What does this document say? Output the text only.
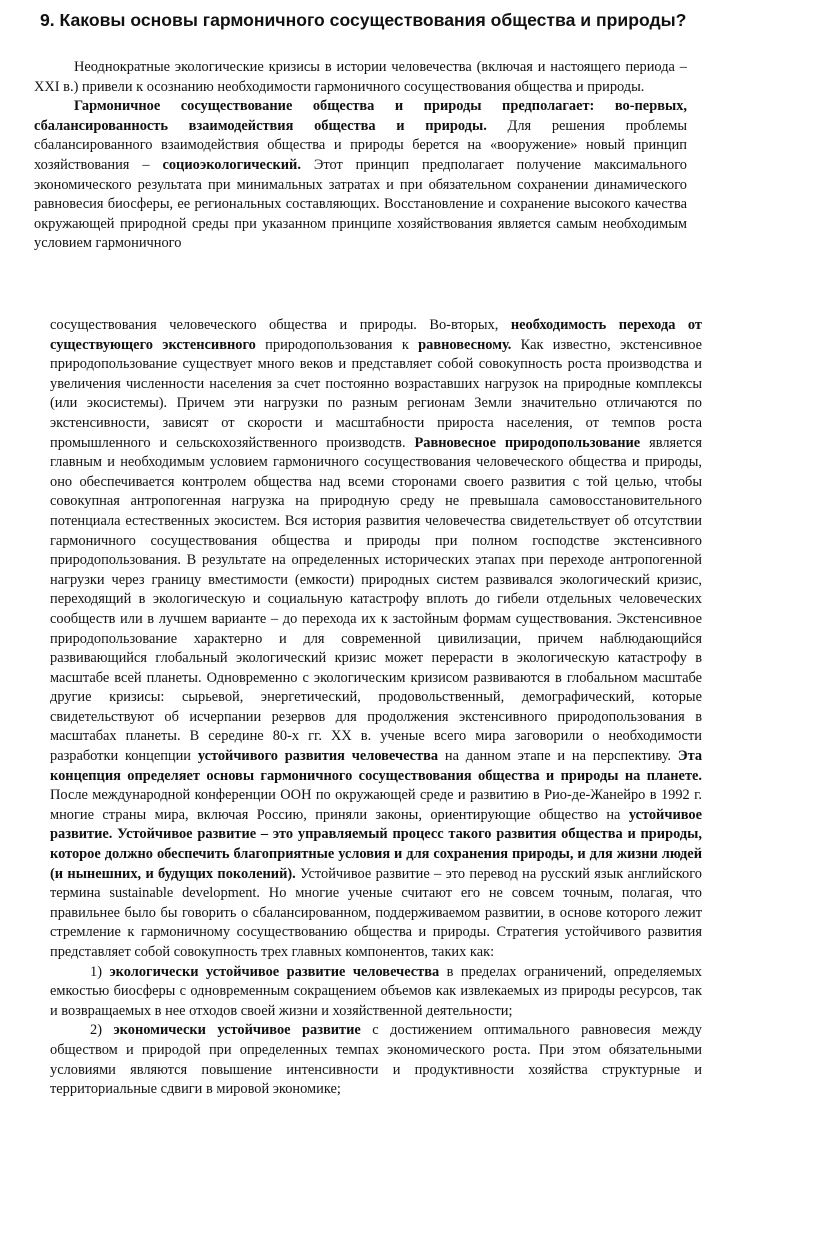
9. Каковы основы гармоничного сосуществования общества и природы?

Неоднократные экологические кризисы в истории человечества (включая и настоящего периода – XXI в.) привели к осознанию необходимости гармоничного сосуществования общества и природы.

Гармоничное сосуществование общества и природы предполагает: во-первых, сбалансированность взаимодействия общества и природы. Для решения проблемы сбалансированного взаимодействия общества и природы берется на «вооружение» новый принцип хозяйствования – социоэкологический. Этот принцип предполагает получение максимального экономического результата при минимальных затратах и при обязательном сохранении динамического равновесия биосферы, ее региональных составляющих. Восстановление и сохранение высокого качества окружающей природной среды при указанном принципе хозяйствования является самым необходимым условием гармоничного

сосуществования человеческого общества и природы. Во-вторых, необходимость перехода от существующего экстенсивного природопользования к равновесному. Как известно, экстенсивное природопользование существует много веков и представляет собой совокупность роста производства и увеличения численности населения за счет постоянно возраставших нагрузок на природные комплексы (или экосистемы). Причем эти нагрузки по разным регионам Земли значительно отличаются по экстенсивности, зависят от скорости и масштабности прироста населения, от темпов роста промышленного и сельскохозяйственного производств. Равновесное природопользование является главным и необходимым условием гармоничного сосуществования человеческого общества и природы, оно обеспечивается контролем общества над всеми сторонами своего развития с той целью, чтобы совокупная антропогенная нагрузка на природную среду не превышала самовосстановительного потенциала естественных экосистем. Вся история развития человечества свидетельствует об отсутствии гармоничного сосуществования общества и природы при полном господстве экстенсивного природопользования. В результате на определенных исторических этапах при переходе антропогенной нагрузки через границу вместимости (емкости) природных систем развивался экологический кризис, переходящий в экологическую и социальную катастрофу вплоть до гибели отдельных человеческих сообществ или в лучшем варианте – до перехода их к застойным формам существования. Экстенсивное природопользование характерно и для современной цивилизации, причем наблюдающийся развивающийся глобальный экологический кризис может перерасти в экологическую катастрофу в масштабе всей планеты. Одновременно с экологическим кризисом развиваются в глобальном масштабе другие кризисы: сырьевой, энергетический, продовольственный, демографический, которые свидетельствуют об исчерпании резервов для продолжения экстенсивного природопользования в масштабах планеты. В середине 80-х гг. XX в. ученые всего мира заговорили о необходимости разработки концепции устойчивого развития человечества на данном этапе и на перспективу. Эта концепция определяет основы гармоничного сосуществования общества и природы на планете. После международной конференции ООН по окружающей среде и развитию в Рио-де-Жанейро в 1992 г. многие страны мира, включая Россию, приняли законы, ориентирующие общество на устойчивое развитие. Устойчивое развитие – это управляемый процесс такого развития общества и природы, которое должно обеспечить благоприятные условия и для сохранения природы, и для жизни людей (и нынешних, и будущих поколений). Устойчивое развитие – это перевод на русский язык английского термина sustainable development. Но многие ученые считают его не совсем точным, полагая, что правильнее было бы говорить о сбалансированном, поддерживаемом развитии, в основе которого лежит стремление к гармоничному сосуществованию общества и природы. Стратегия устойчивого развития представляет собой совокупность трех главных компонентов, таких как:

1) экологически устойчивое развитие человечества в пределах ограничений, определяемых емкостью биосферы с одновременным сокращением объемов как извлекаемых из природы ресурсов, так и возвращаемых в нее отходов своей жизни и хозяйственной деятельности;

2) экономически устойчивое развитие с достижением оптимального равновесия между обществом и природой при определенных темпах экономического роста. При этом обязательными условиями являются повышение интенсивности и продуктивности хозяйства структурные и территориальные сдвиги в мировой экономике;
